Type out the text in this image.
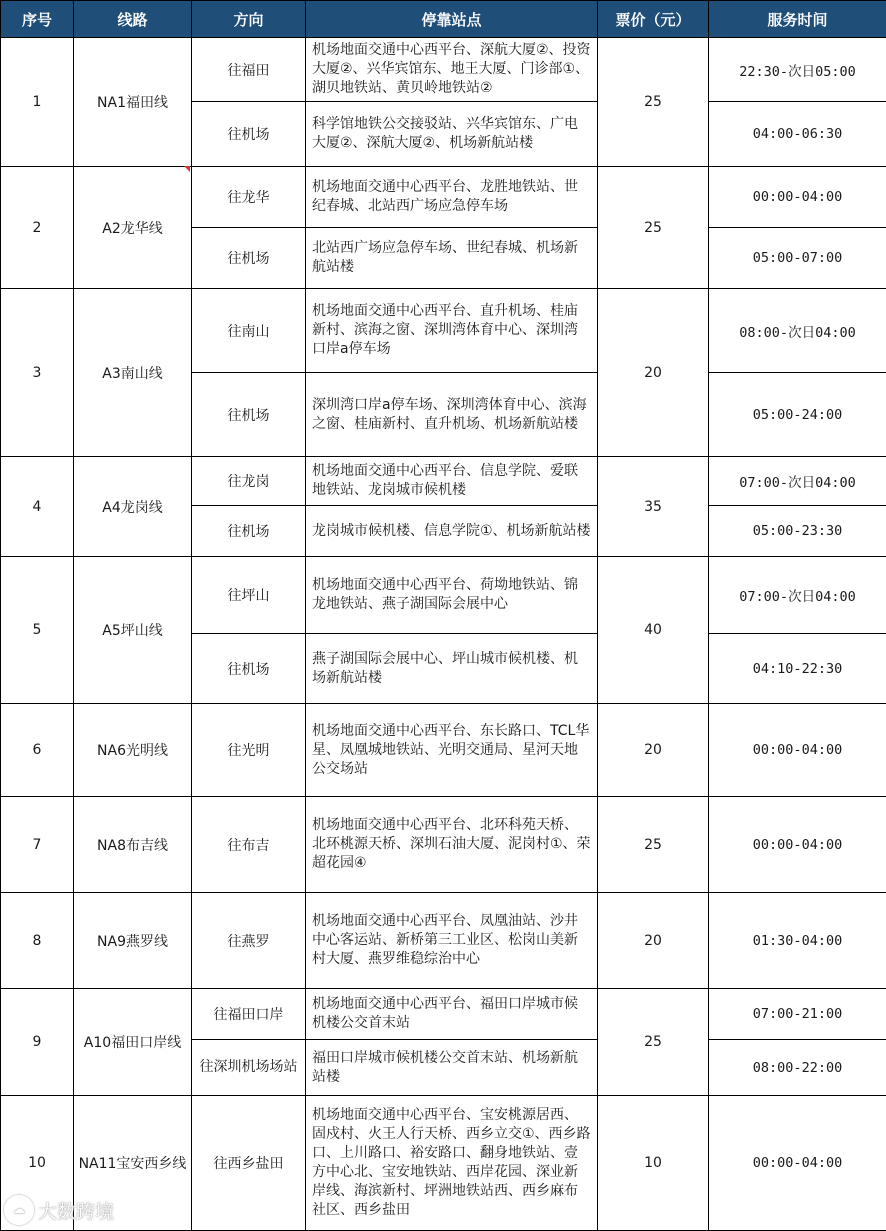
序号	线路	方向	停靠站点	票价（元）	服务时间
1	NA1福田线	往福田	机场地面交通中心西平台、深航大厦②、投资大厦②、兴华宾馆东、地王大厦、门诊部①、湖贝地铁站、黄贝岭地铁站②	25	22:30-次日05:00
		往机场	科学馆地铁公交接驳站、兴华宾馆东、广电大厦②、深航大厦②、机场新航站楼		04:00-06:30
2	A2龙华线	往龙华	机场地面交通中心西平台、龙胜地铁站、世纪春城、北站西广场应急停车场	25	00:00-04:00
		往机场	北站西广场应急停车场、世纪春城、机场新航站楼		05:00-07:00
3	A3南山线	往南山	机场地面交通中心西平台、直升机场、桂庙新村、滨海之窗、深圳湾体育中心、深圳湾口岸a停车场	20	08:00-次日04:00
		往机场	深圳湾口岸a停车场、深圳湾体育中心、滨海之窗、桂庙新村、直升机场、机场新航站楼		05:00-24:00
4	A4龙岗线	往龙岗	机场地面交通中心西平台、信息学院、爱联地铁站、龙岗城市候机楼	35	07:00-次日04:00
		往机场	龙岗城市候机楼、信息学院①、机场新航站楼		05:00-23:30
5	A5坪山线	往坪山	机场地面交通中心西平台、荷坳地铁站、锦龙地铁站、燕子湖国际会展中心	40	07:00-次日04:00
		往机场	燕子湖国际会展中心、坪山城市候机楼、机场新航站楼		04:10-22:30
6	NA6光明线	往光明	机场地面交通中心西平台、东长路口、TCL华星、凤凰城地铁站、光明交通局、星河天地公交场站	20	00:00-04:00
7	NA8布吉线	往布吉	机场地面交通中心西平台、北环科苑天桥、北环桃源天桥、深圳石油大厦、泥岗村①、荣超花园④	25	00:00-04:00
8	NA9燕罗线	往燕罗	机场地面交通中心西平台、凤凰油站、沙井中心客运站、新桥第三工业区、松岗山美新村大厦、燕罗维稳综治中心	20	01:30-04:00
9	A10福田口岸线	往福田口岸	机场地面交通中心西平台、福田口岸城市候机楼公交首末站	25	07:00-21:00
		往深圳机场场站	福田口岸城市候机楼公交首末站、机场新航站楼		08:00-22:00
10	NA11宝安西乡线	往西乡盐田	机场地面交通中心西平台、宝安桃源居西、固戍村、火王人行天桥、西乡立交①、西乡路口、上川路口、裕安路口、翻身地铁站、壹方中心北、宝安地铁站、西岸花园、深业新岸线、海滨新村、坪洲地铁站西、西乡麻布社区、西乡盐田	10	00:00-04:00
☁ 大数跨境
